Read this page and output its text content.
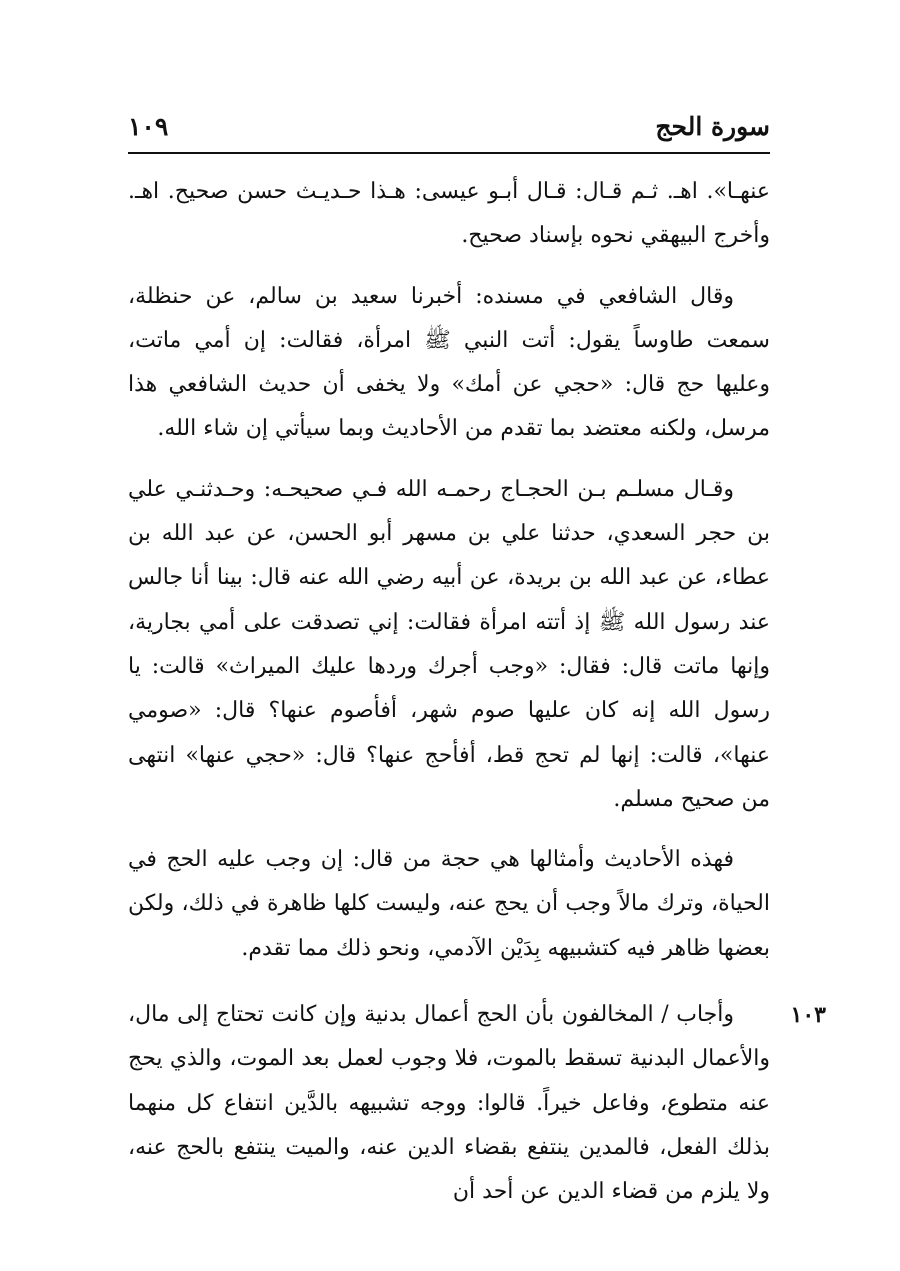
سورة الحج
١٠٩

عنهـا». اهـ. ثـم قـال: قـال أبـو عيسى: هـذا حـديـث حسن صحيح. اهـ. وأخرج البيهقي نحوه بإسناد صحيح.

وقال الشافعي في مسنده: أخبرنا سعيد بن سالم، عن حنظلة، سمعت طاوساً يقول: أتت النبي ﷺ امرأة، فقالت: إن أمي ماتت، وعليها حج قال: «حجي عن أمك» ولا يخفى أن حديث الشافعي هذا مرسل، ولكنه معتضد بما تقدم من الأحاديث وبما سيأتي إن شاء الله.

وقـال مسلـم بـن الحجـاج رحمـه الله فـي صحيحـه: وحـدثنـي علي بن حجر السعدي، حدثنا علي بن مسهر أبو الحسن، عن عبد الله بن عطاء، عن عبد الله بن بريدة، عن أبيه رضي الله عنه قال: بينا أنا جالس عند رسول الله ﷺ إذ أتته امرأة فقالت: إني تصدقت على أمي بجارية، وإنها ماتت قال: فقال: «وجب أجرك وردها عليك الميراث» قالت: يا رسول الله إنه كان عليها صوم شهر، أفأصوم عنها؟ قال: «صومي عنها»، قالت: إنها لم تحج قط، أفأحج عنها؟ قال: «حجي عنها» انتهى من صحيح مسلم.

فهذه الأحاديث وأمثالها هي حجة من قال: إن وجب عليه الحج في الحياة، وترك مالاً وجب أن يحج عنه، وليست كلها ظاهرة في ذلك، ولكن بعضها ظاهر فيه كتشبيهه بِدَيْن الآدمي، ونحو ذلك مما تقدم.

١٠٣

وأجاب / المخالفون بأن الحج أعمال بدنية وإن كانت تحتاج إلى مال، والأعمال البدنية تسقط بالموت، فلا وجوب لعمل بعد الموت، والذي يحج عنه متطوع، وفاعل خيراً. قالوا: ووجه تشبيهه بالدَّين انتفاع كل منهما بذلك الفعل، فالمدين ينتفع بقضاء الدين عنه، والميت ينتفع بالحج عنه، ولا يلزم من قضاء الدين عن أحد أن
